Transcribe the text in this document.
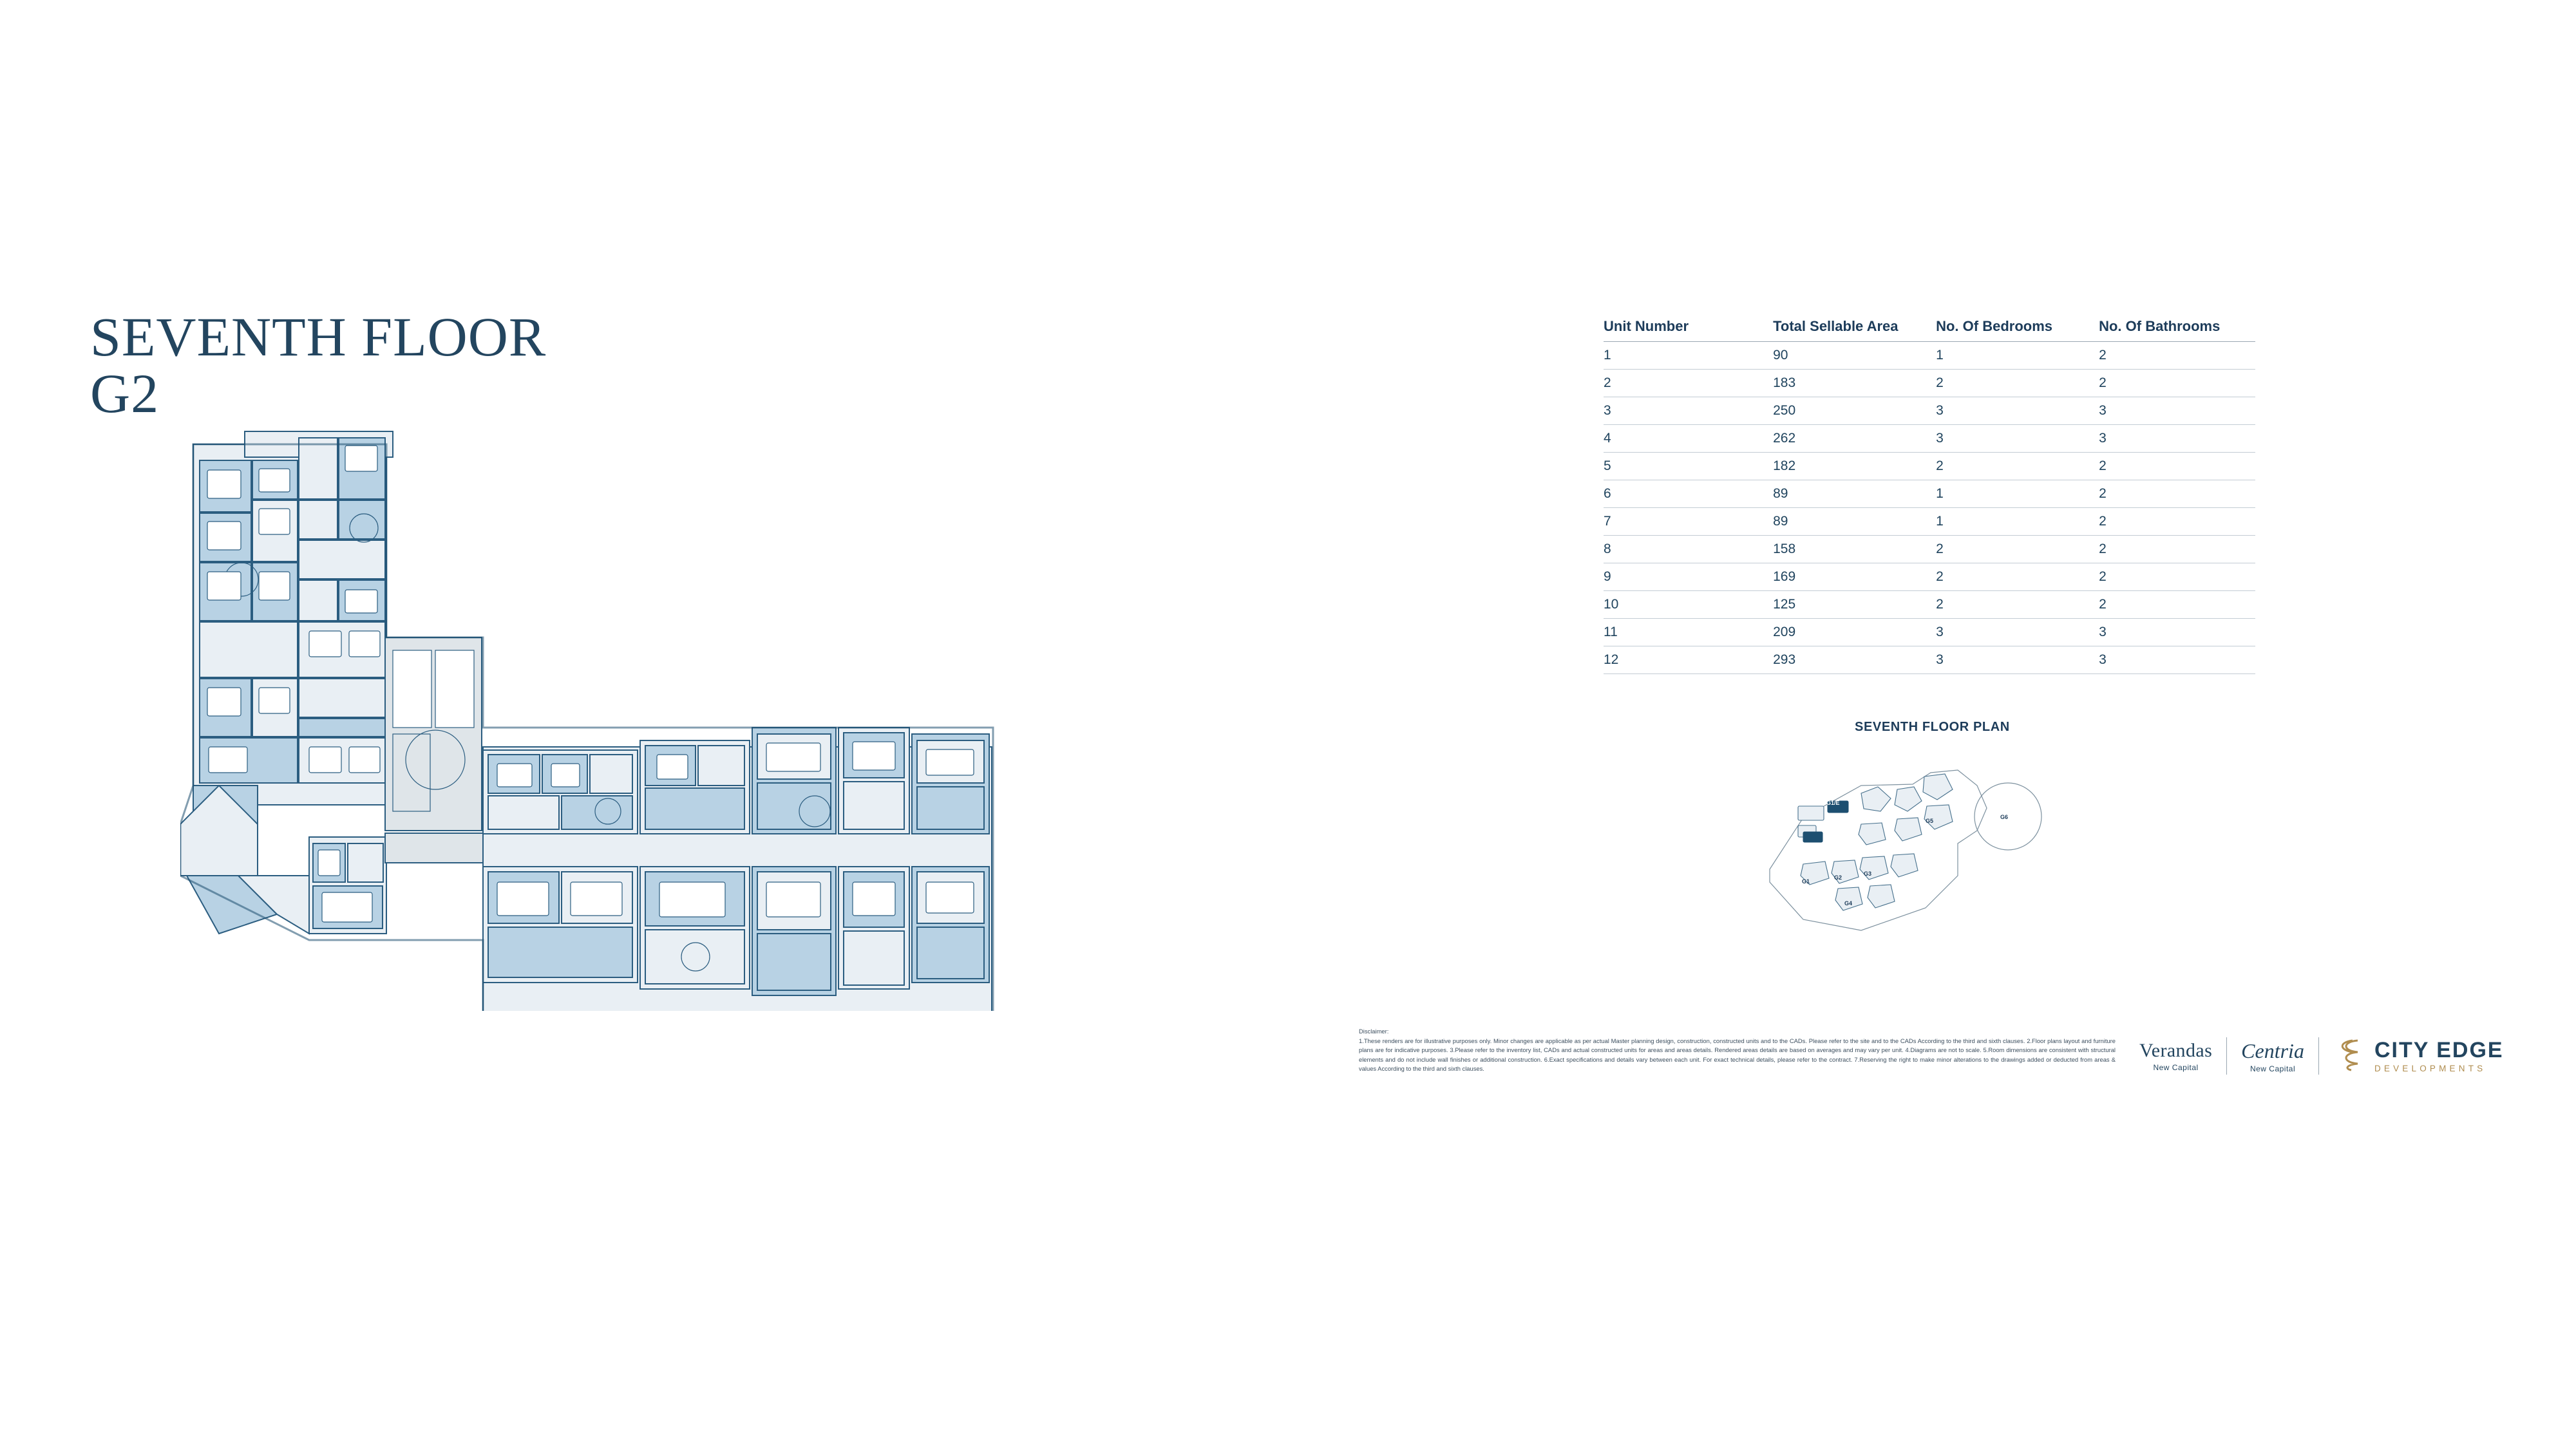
SEVENTH FLOOR
G2
Unit Number	Total Sellable Area	No. Of Bedrooms	No. Of Bathrooms
1	90	1	2
2	183	2	2
3	250	3	3
4	262	3	3
5	182	2	2
6	89	1	2
7	89	1	2
8	158	2	2
9	169	2	2
10	125	2	2
11	209	3	3
12	293	3	3
SEVENTH FLOOR PLAN
G1
G1/E
G2
G3
G4
G5
G6
Disclaimer:
1.These renders are for illustrative purposes only. Minor changes are applicable as per actual Master planning design, construction, constructed units and to the CADs. Please refer to the site and to the CADs According to the third and sixth clauses. 2.Floor plans layout and furniture plans are for indicative purposes. 3.Please refer to the inventory list, CADs and actual constructed units for areas and areas details. Rendered areas details are based on averages and may vary per unit. 4.Diagrams are not to scale. 5.Room dimensions are consistent with structural elements and do not include wall finishes or additional construction. 6.Exact specifications and details vary between each unit. For exact technical details, please refer to the contract. 7.Reserving the right to make minor alterations to the drawings added or deducted from areas & values According to the third and sixth clauses.
Verandas
New Capital
Centria
New Capital
CITY EDGE
DEVELOPMENTS
